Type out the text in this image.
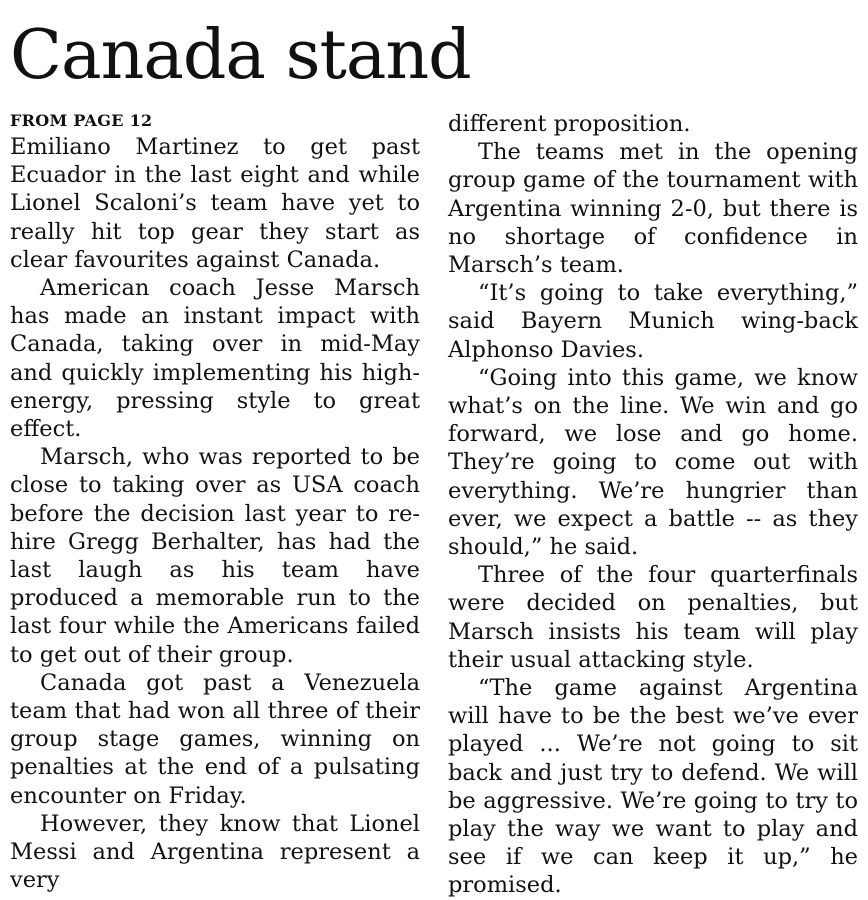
Canada stand
FROM PAGE 12

Emiliano Martinez to get past Ecuador in the last eight and while Lionel Scaloni’s team have yet to really hit top gear they start as clear favourites against Canada.

American coach Jesse Marsch has made an instant impact with Canada, taking over in mid-May and quickly implementing his high-energy, pressing style to great effect.

Marsch, who was reported to be close to taking over as USA coach before the decision last year to re-hire Gregg Berhalter, has had the last laugh as his team have produced a memorable run to the last four while the Americans failed to get out of their group.

Canada got past a Venezuela team that had won all three of their group stage games, winning on penalties at the end of a pulsating encounter on Friday.

However, they know that Lionel Messi and Argentina represent a very

different proposition.

The teams met in the opening group game of the tournament with Argentina winning 2-0, but there is no shortage of confidence in Marsch’s team.

“It’s going to take everything,” said Bayern Munich wing-back Alphonso Davies.

“Going into this game, we know what’s on the line. We win and go forward, we lose and go home. They’re going to come out with everything. We’re hungrier than ever, we expect a battle -- as they should,” he said.

Three of the four quarterfinals were decided on penalties, but Marsch insists his team will play their usual attacking style.

“The game against Argentina will have to be the best we’ve ever played ... We’re not going to sit back and just try to defend. We will be aggressive. We’re going to try to play the way we want to play and see if we can keep it up,” he promised.
